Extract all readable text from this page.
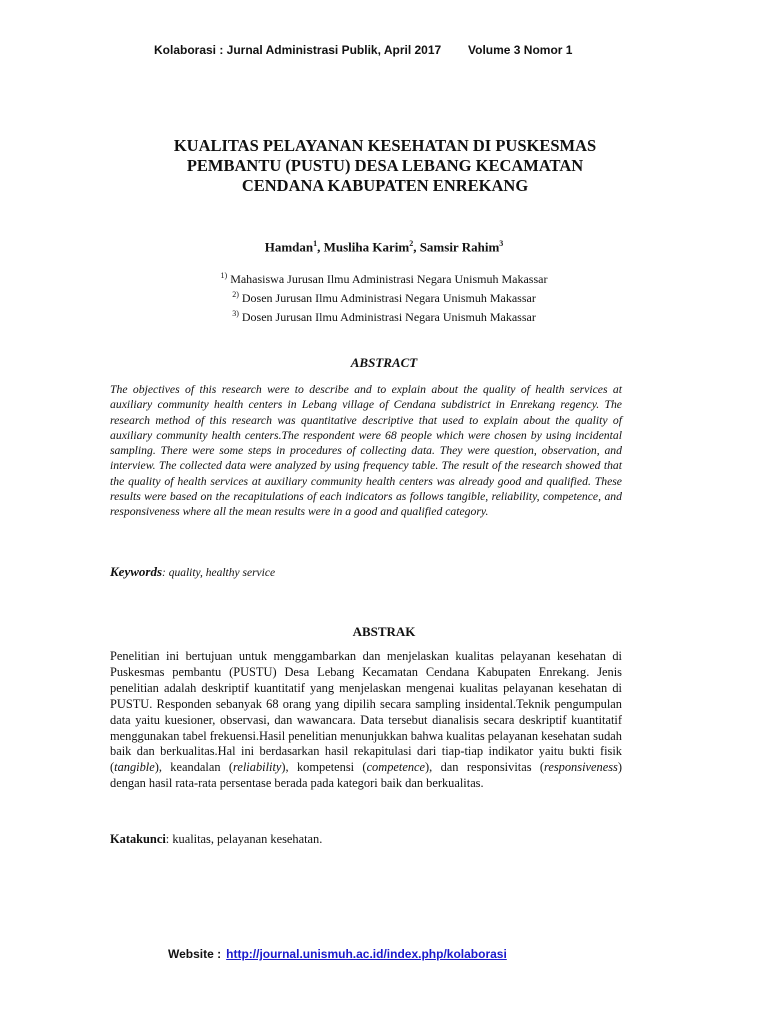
Kolaborasi : Jurnal Administrasi Publik, April 2017 Volume 3 Nomor 1
KUALITAS PELAYANAN KESEHATAN DI PUSKESMAS
PEMBANTU (PUSTU) DESA LEBANG KECAMATAN
CENDANA KABUPATEN ENREKANG
Hamdan$^1$, Musliha Karim$^2$, Samsir Rahim$^3$
$^{1)}$ Mahasiswa Jurusan Ilmu Administrasi Negara Unismuh Makassar
$^{2)}$ Dosen Jurusan Ilmu Administrasi Negara Unismuh Makassar
$^{3)}$ Dosen Jurusan Ilmu Administrasi Negara Unismuh Makassar
ABSTRACT
The objectives of this research were to describe and to explain about the quality of health services at auxiliary community health centers in Lebang village of Cendana subdistrict in Enrekang regency. The research method of this research was quantitative descriptive that used to explain about the quality of auxiliary community health centers.The respondent were 68 people which were chosen by using incidental sampling. There were some steps in procedures of collecting data. They were question, observation, and interview. The collected data were analyzed by using frequency table. The result of the research showed that the quality of health services at auxiliary community health centers was already good and qualified. These results were based on the recapitulations of each indicators as follows tangible, reliability, competence, and responsiveness where all the mean results were in a good and qualified category.
Keywords: quality, healthy service
ABSTRAK
Penelitian ini bertujuan untuk menggambarkan dan menjelaskan kualitas pelayanan kesehatan di Puskesmas pembantu (PUSTU) Desa Lebang Kecamatan Cendana Kabupaten Enrekang. Jenis penelitian adalah deskriptif kuantitatif yang menjelaskan mengenai kualitas pelayanan kesehatan di PUSTU. Responden sebanyak 68 orang yang dipilih secara sampling insidental.Teknik pengumpulan data yaitu kuesioner, observasi, dan wawancara. Data tersebut dianalisis secara deskriptif kuantitatif menggunakan tabel frekuensi.Hasil penelitian menunjukkan bahwa kualitas pelayanan kesehatan sudah baik dan berkualitas.Hal ini berdasarkan hasil rekapitulasi dari tiap-tiap indikator yaitu bukti fisik (tangible), keandalan (reliability), kompetensi (competence), dan responsivitas (responsiveness) dengan hasil rata-rata persentase berada pada kategori baik dan berkualitas.
Katakunci: kualitas, pelayanan kesehatan.
Website : http://journal.unismuh.ac.id/index.php/kolaborasi
